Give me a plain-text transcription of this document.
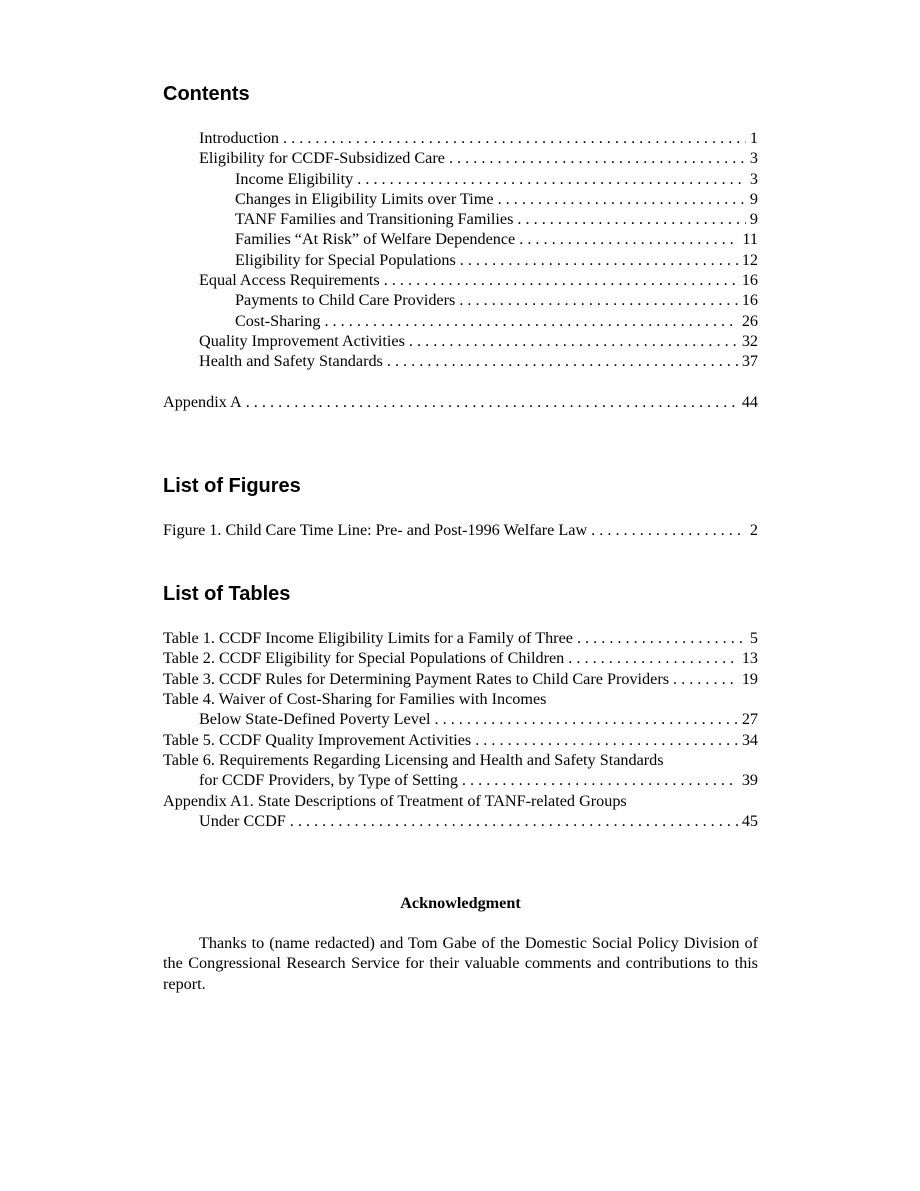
Contents
Introduction . . .	1
Eligibility for CCDF-Subsidized Care . . .	3
Income Eligibility . . .	3
Changes in Eligibility Limits over Time . . .	9
TANF Families and Transitioning Families . . .	9
Families “At Risk” of Welfare Dependence . . .	11
Eligibility for Special Populations . . .	12
Equal Access Requirements . . .	16
Payments to Child Care Providers . . .	16
Cost-Sharing . . .	26
Quality Improvement Activities . . .	32
Health and Safety Standards . . .	37
Appendix A . . .	44
List of Figures
Figure 1. Child Care Time Line: Pre- and Post-1996 Welfare Law . . .	2
List of Tables
Table 1. CCDF Income Eligibility Limits for a Family of Three . . .	5
Table 2. CCDF Eligibility for Special Populations of Children . . .	13
Table 3. CCDF Rules for Determining Payment Rates to Child Care Providers . . .	19
Table 4. Waiver of Cost-Sharing for Families with Incomes
Below State-Defined Poverty Level . . .	27
Table 5. CCDF Quality Improvement Activities . . .	34
Table 6. Requirements Regarding Licensing and Health and Safety Standards
for CCDF Providers, by Type of Setting . . .	39
Appendix A1. State Descriptions of Treatment of TANF-related Groups
Under CCDF . . .	45
Acknowledgment

Thanks to (name redacted) and Tom Gabe of the Domestic Social Policy Division of the Congressional Research Service for their valuable comments and contributions to this report.
